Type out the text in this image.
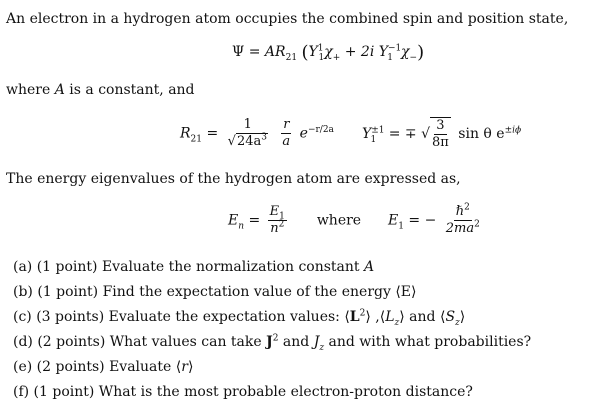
An electron in a hydrogen atom occupies the combined spin and position state,
$\Psi = AR_{21}$ ($Y^1_1\chi_+ + 2i$ $Y^{-1}_1$ $\chi_-$)
where A is a constant, and
$R_{21} = \frac{1}{√24a^3}$
$\frac{r}{a} e^{-r/2a}$ $Y^{\pm 1}_1$ = ∓ √ $\frac{3}{8\pi}$ sin θ $e^{\pm i\phi}$
The energy eigenvalues of the hydrogen atom are expressed as,
$E_n = \frac{E_1}{n^2}$ where $E_1$ = − $\frac{\hbar^2}{2ma^2}$
(a) (1 point) Evaluate the normalization constant A
(b) (1 point) Find the expectation value of the energy ⟨E⟩
(c) (3 points) Evaluate the expectation values: $⟨L^2⟩$ $,⟨L_z⟩$ and $⟨S_z⟩$
(d) (2 points) What values can take $J^2$ and $J_z$ and with what probabilities?
(e) (2 points) Evaluate ⟨r⟩
(f) (1 point) What is the most probable electron-proton distance?
